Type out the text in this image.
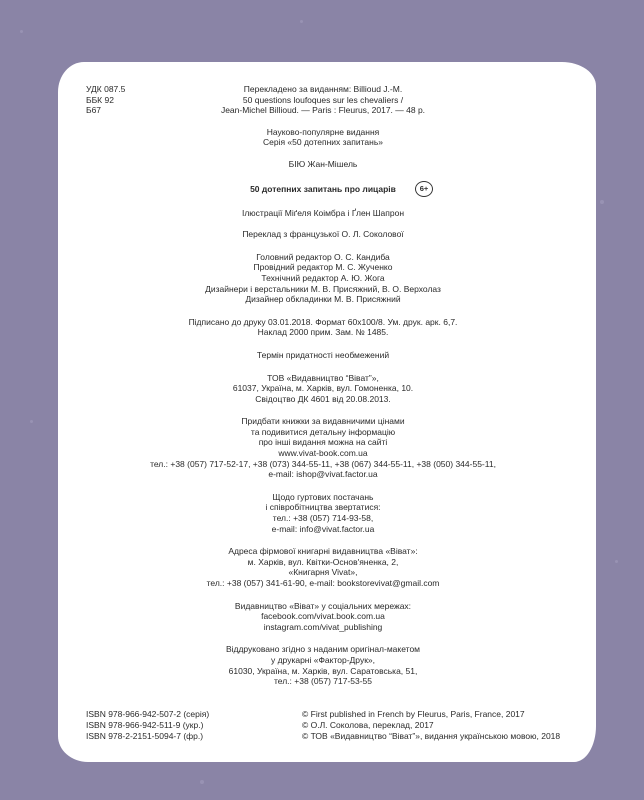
УДК 087.5
ББК 92
Б67

Перекладено за виданням: Billioud J.-M.

50 questions loufoques sur les chevaliers /

Jean-Michel Billioud. — Paris : Fleurus, 2017. — 48 p.

Науково-популярне видання

Серія «50 дотепних запитань»

БІЮ Жан-Мішель

50 дотепних запитань про лицарів	6+

Ілюстрації Міґеля Коімбра і Ґлен Шапрон

Переклад з французької О. Л. Соколової

Головний редактор О. С. Кандиба

Провідний редактор М. С. Жученко

Технічний редактор А. Ю. Жога

Дизайнери і верстальники М. В. Присяжний, В. О. Верхолаз

Дизайнер обкладинки М. В. Присяжний

Підписано до друку 03.01.2018. Формат 60х100/8. Ум. друк. арк. 6,7.

Наклад 2000 прим. Зам. № 1485.

Термін придатності необмежений

ТОВ «Видавництво “Віват”»,

61037, Україна, м. Харків, вул. Гомоненка, 10.

Свідоцтво ДК 4601 від 20.08.2013.

Придбати книжки за видавничими цінами

та подивитися детальну інформацію

про інші видання можна на сайті

www.vivat-book.com.ua

тел.: +38 (057) 717-52-17, +38 (073) 344-55-11, +38 (067) 344-55-11, +38 (050) 344-55-11,

e-mail: ishop@vivat.factor.ua

Щодо гуртових постачань

і співробітництва звертатися:

тел.: +38 (057) 714-93-58,

e-mail: info@vivat.factor.ua

Адреса фірмової книгарні видавництва «Віват»:

м. Харків, вул. Квітки-Основ'яненка, 2,

«Книгарня Vivat»,

тел.: +38 (057) 341-61-90, e-mail: bookstorevivat@gmail.com

Видавництво «Віват» у соціальних мережах:

facebook.com/vivat.book.com.ua

instagram.com/vivat_publishing

Віддруковано згідно з наданим оригінал-макетом

у друкарні «Фактор-Друк»,

61030, Україна, м. Харків, вул. Саратовська, 51,

тел.: +38 (057) 717-53-55

ISBN 978-966-942-507-2 (серія)
ISBN 978-966-942-511-9 (укр.)
ISBN 978-2-2151-5094-7 (фр.)
© First published in French by Fleurus, Paris, France, 2017
© О.Л. Соколова, переклад, 2017
© ТОВ «Видавництво “Віват”», видання українською мовою, 2018
